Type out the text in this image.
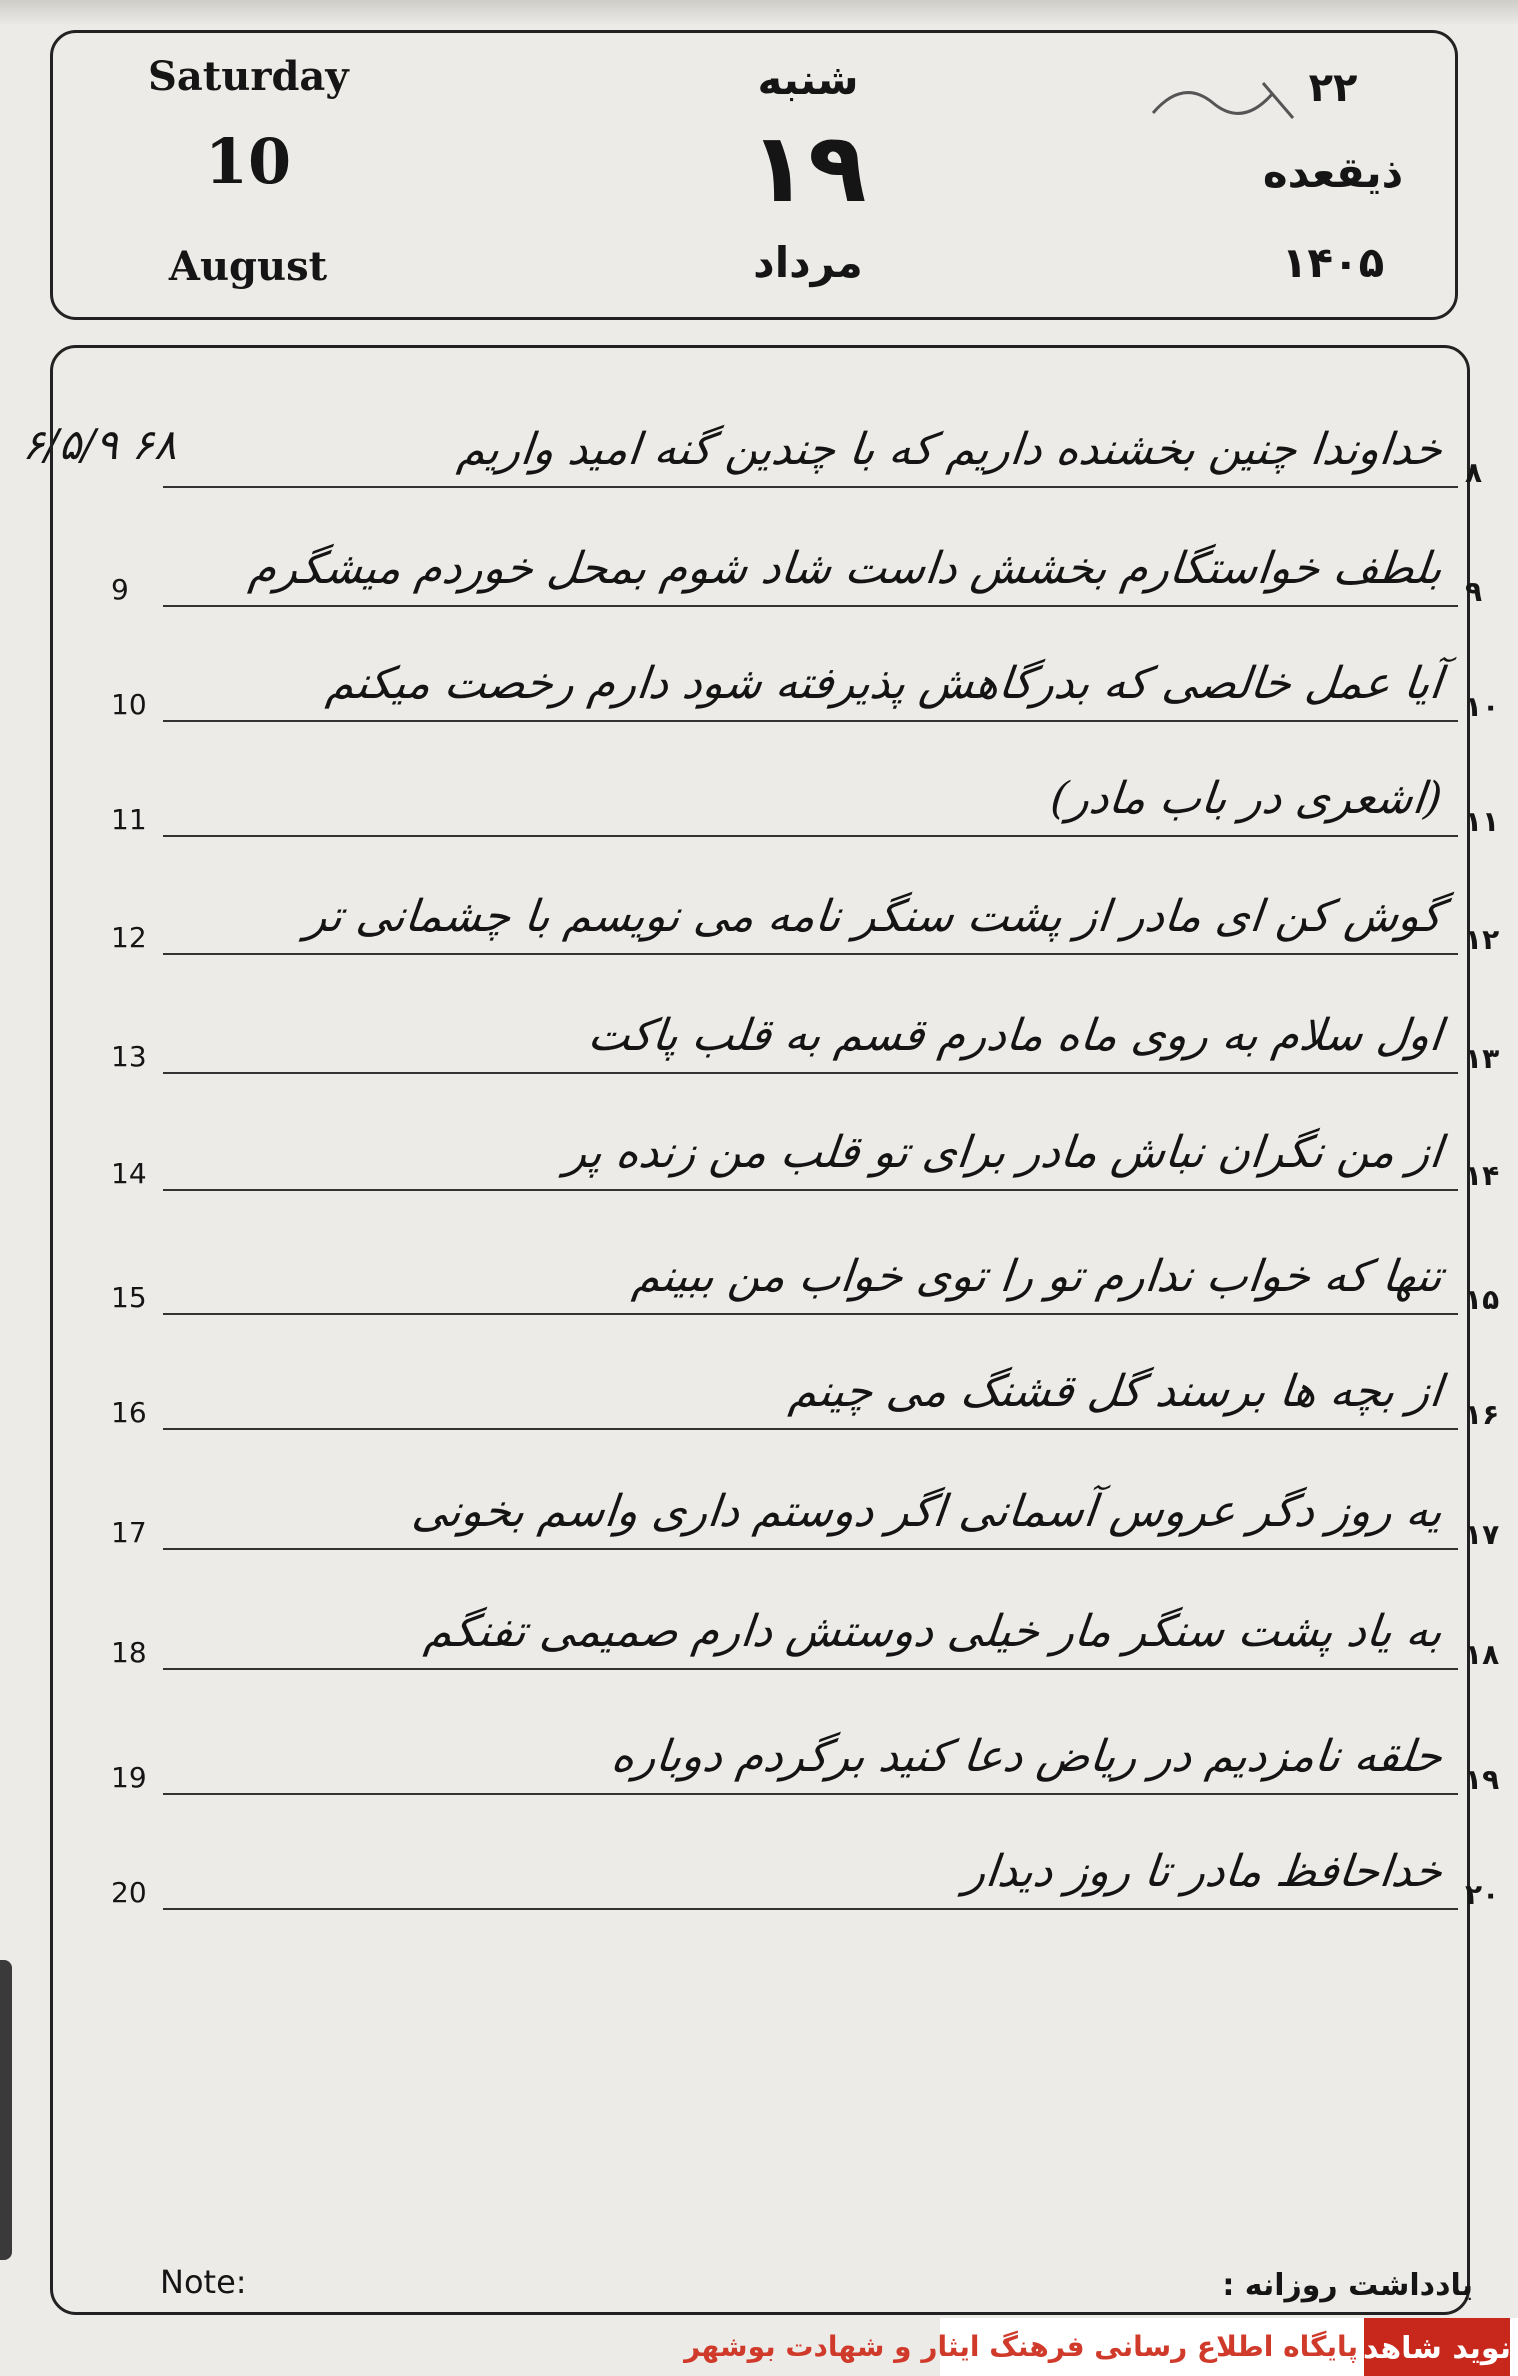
Saturday
10
August
شنبه
۱۹
مرداد
۲۲
ذیقعده
۱۴۰۵
۶/۵/۹ ۶۸
۸
خداوندا چنین بخشنده داریم که با چندین گنه امید واریم
9	۹
بلطف خواستگارم بخشش داست شاد شوم بمحل خوردم میشگرم
10	۱۰
آیا عمل خالصی که بدرگاهش پذیرفته شود دارم رخصت میکنم
11	۱۱
(اشعری در باب مادر)
12	۱۲
گوش کن ای مادر از پشت سنگر نامه می نویسم با چشمانی تر
13	۱۳
اول سلام به روی ماه مادرم قسم به قلب پاکت
14	۱۴
از من نگران نباش مادر برای تو قلب من زنده پر
15	۱۵
تنها که خواب ندارم تو را توی خواب من ببینم
16	۱۶
از بچه ها برسند گل قشنگ می چینم
17	۱۷
یه روز دگر عروس آسمانی اگر دوستم داری واسم بخونی
18	۱۸
به یاد پشت سنگر مار خیلی دوستش دارم صمیمی تفنگم
19	۱۹
حلقه نامزدیم در ریاض دعا کنید برگردم دوباره
20	۲۰
خداحافظ مادر تا روز دیدار
Note:	یادداشت روزانه :
پایگاه اطلاع رسانی فرهنگ ایثار و شهادت بوشهر نوید شاهد
